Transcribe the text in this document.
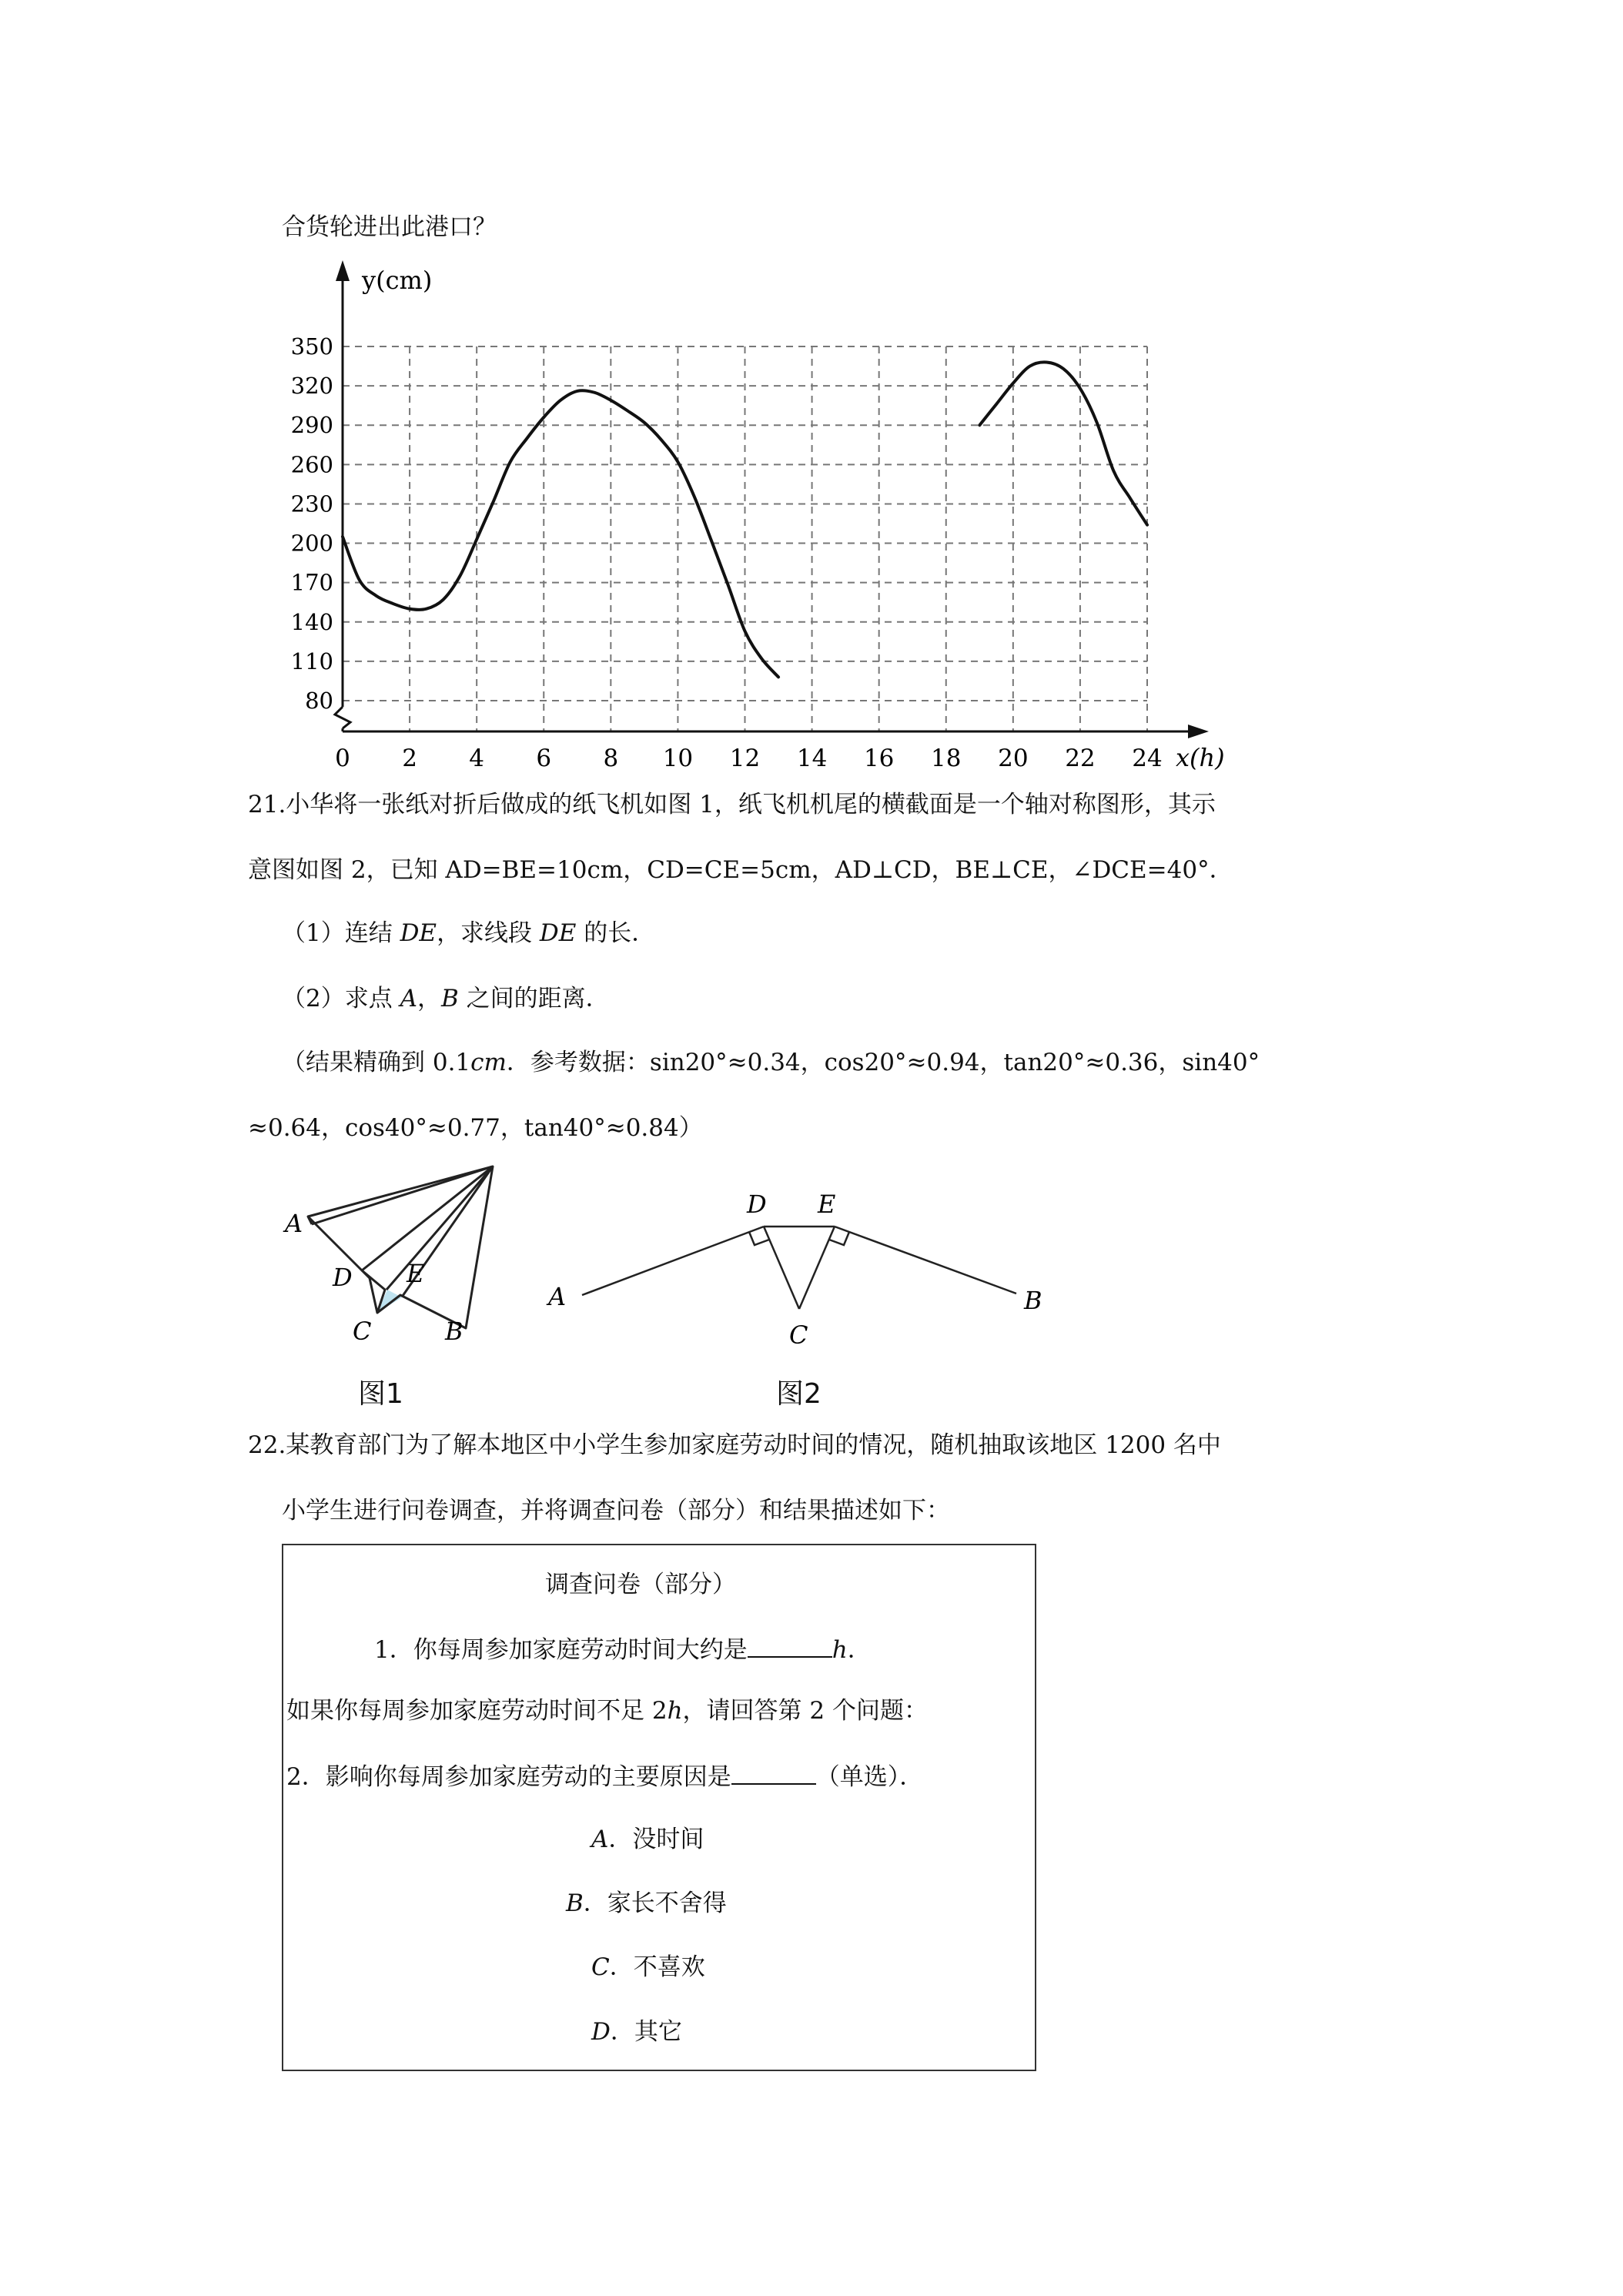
合货轮进出此港口？
0 2 4 6 8 10 12 14 16 18 20 22 24
80
110
140
170
200
230
260
290
320
350
y(cm)
x(h)
21.小华将一张纸对折后做成的纸飞机如图 1，纸飞机机尾的横截面是一个轴对称图形，其示
意图如图 2，已知 AD=BE=10cm，CD=CE=5cm，AD⊥CD，BE⊥CE，∠DCE=40°．
（1）连结 DE，求线段 DE 的长．
（2）求点 A，B 之间的距离．
（结果精确到 0.1cm．参考数据：sin20°≈0.34，cos20°≈0.94，tan20°≈0.36，sin40°
≈0.64，cos40°≈0.77，tan40°≈0.84）
A
D E
C	B
图1
A
D E
C
B
图2
22.某教育部门为了解本地区中小学生参加家庭劳动时间的情况，随机抽取该地区 1200 名中
小学生进行问卷调查，并将调查问卷（部分）和结果描述如下：
调查问卷（部分）
1．你每周参加家庭劳动时间大约是	h．
如果你每周参加家庭劳动时间不足 2h，请回答第 2 个问题：
2．影响你每周参加家庭劳动的主要原因是	（单选）．
A．没时间
B．家长不舍得
C．不喜欢
D．其它
